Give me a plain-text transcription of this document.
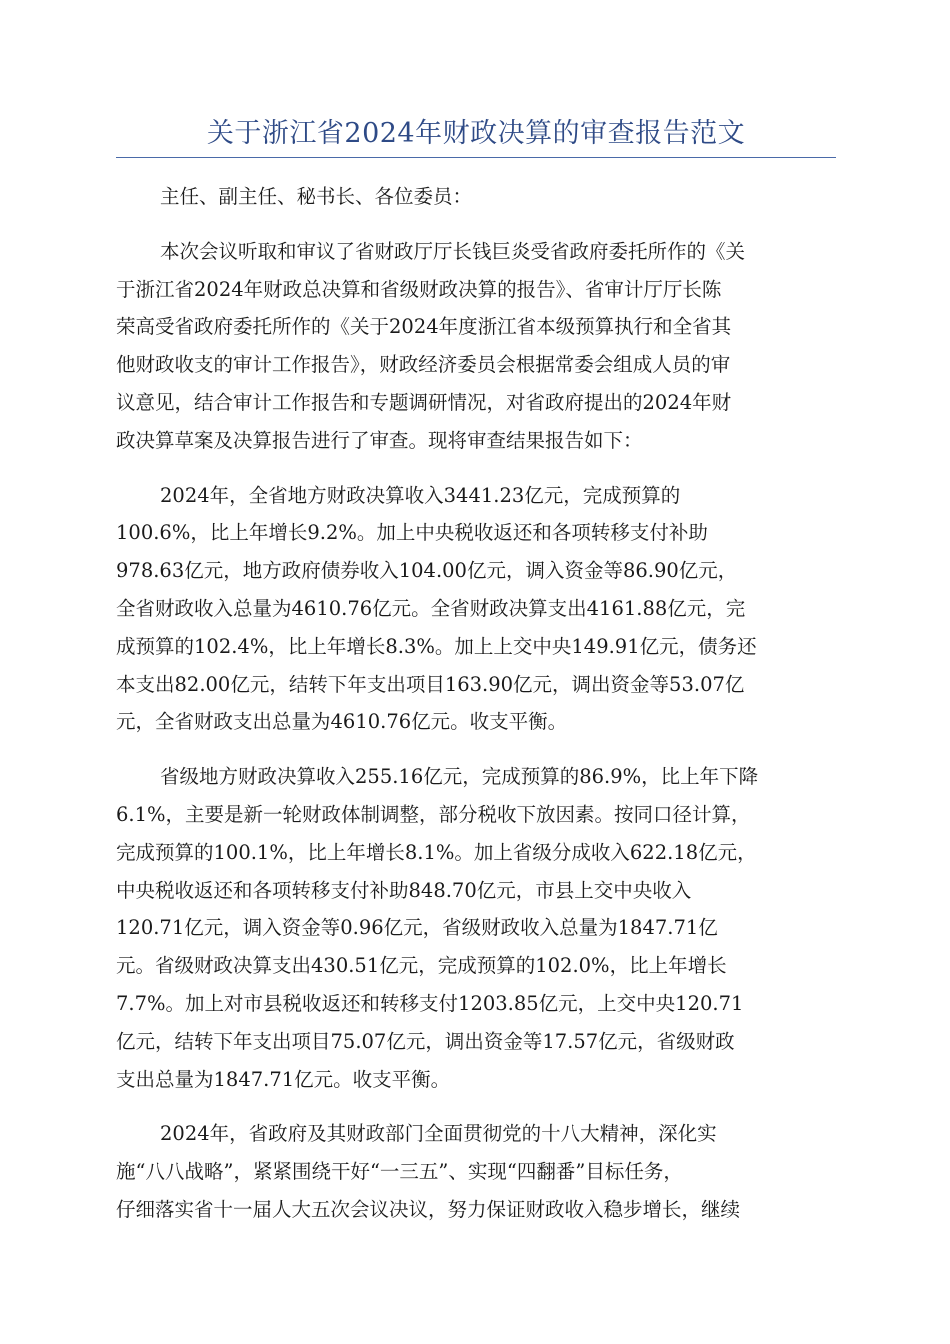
关于浙江省2024年财政决算的审查报告范文

主任、副主任、秘书长、各位委员：

本次会议听取和审议了省财政厅厅长钱巨炎受省政府委托所作的《关
于浙江省2024年财政总决算和省级财政决算的报告》、省审计厅厅长陈
荣高受省政府委托所作的《关于2024年度浙江省本级预算执行和全省其
他财政收支的审计工作报告》，财政经济委员会根据常委会组成人员的审
议意见，结合审计工作报告和专题调研情况，对省政府提出的2024年财
政决算草案及决算报告进行了审查。现将审查结果报告如下：

2024年，全省地方财政决算收入3441.23亿元，完成预算的
100.6%，比上年增长9.2%。加上中央税收返还和各项转移支付补助
978.63亿元，地方政府债券收入104.00亿元，调入资金等86.90亿元，
全省财政收入总量为4610.76亿元。全省财政决算支出4161.88亿元，完
成预算的102.4%，比上年增长8.3%。加上上交中央149.91亿元，债务还
本支出82.00亿元，结转下年支出项目163.90亿元，调出资金等53.07亿
元，全省财政支出总量为4610.76亿元。收支平衡。

省级地方财政决算收入255.16亿元，完成预算的86.9%，比上年下降
6.1%，主要是新一轮财政体制调整，部分税收下放因素。按同口径计算，
完成预算的100.1%，比上年增长8.1%。加上省级分成收入622.18亿元，
中央税收返还和各项转移支付补助848.70亿元，市县上交中央收入
120.71亿元，调入资金等0.96亿元，省级财政收入总量为1847.71亿
元。省级财政决算支出430.51亿元，完成预算的102.0%，比上年增长
7.7%。加上对市县税收返还和转移支付1203.85亿元，上交中央120.71
亿元，结转下年支出项目75.07亿元，调出资金等17.57亿元，省级财政
支出总量为1847.71亿元。收支平衡。

2024年，省政府及其财政部门全面贯彻党的十八大精神，深化实
施“八八战略”，紧紧围绕干好“一三五”、实现“四翻番”目标任务，
仔细落实省十一届人大五次会议决议，努力保证财政收入稳步增长，继续
